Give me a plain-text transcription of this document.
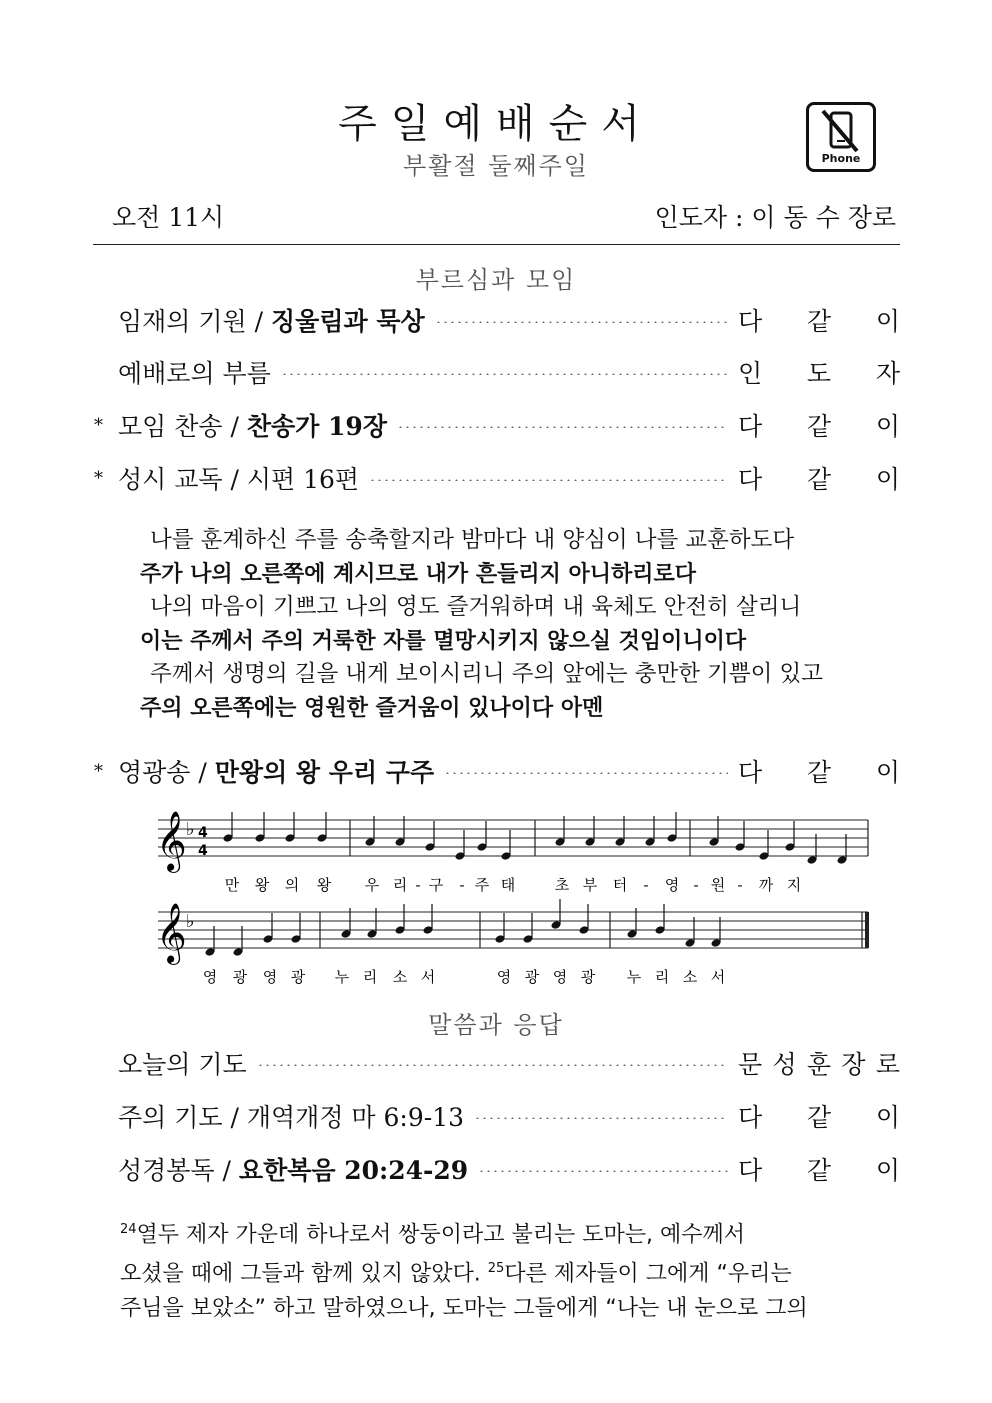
주일예배순서
부활절 둘째주일	Phone
오전 11시	인도자 : 이 동 수 장로
부르심과 모임
임재의 기원 / 징울림과 묵상	다 같 이
예배로의 부름	인 도 자
* 모임 찬송 / 찬송가 19장	다 같 이
* 성시 교독 / 시편 16편	다 같 이
나를 훈계하신 주를 송축할지라 밤마다 내 양심이 나를 교훈하도다
주가 나의 오른쪽에 계시므로 내가 흔들리지 아니하리로다
나의 마음이 기쁘고 나의 영도 즐거워하며 내 육체도 안전히 살리니
이는 주께서 주의 거룩한 자를 멸망시키지 않으실 것임이니이다
주께서 생명의 길을 내게 보이시리니 주의 앞에는 충만한 기쁨이 있고
주의 오른쪽에는 영원한 즐거움이 있나이다 아멘
* 영광송 / 만왕의 왕 우리 구주	다 같 이
𝄞
𝄞
♭
♭
4
4
만 왕 의 왕 우 리 - 구 - 주 태	초 부 터 - 영 - 원 - 까 지
영 광 영 광 누 리 소 서	영 광 영 광 누 리 소 서
말씀과 응답
오늘의 기도	문 성 훈 장 로
주의 기도 / 개역개정 마 6:9-13	다 같 이
성경봉독 / 요한복음 20:24-29	다 같 이
$^{24}$열두 제자 가운데 하나로서 쌍둥이라고 불리는 도마는, 예수께서
오셨을 때에 그들과 함께 있지 않았다. $^{25}$다른 제자들이 그에게 “우리는
주님을 보았소” 하고 말하였으나, 도마는 그들에게 “나는 내 눈으로 그의
